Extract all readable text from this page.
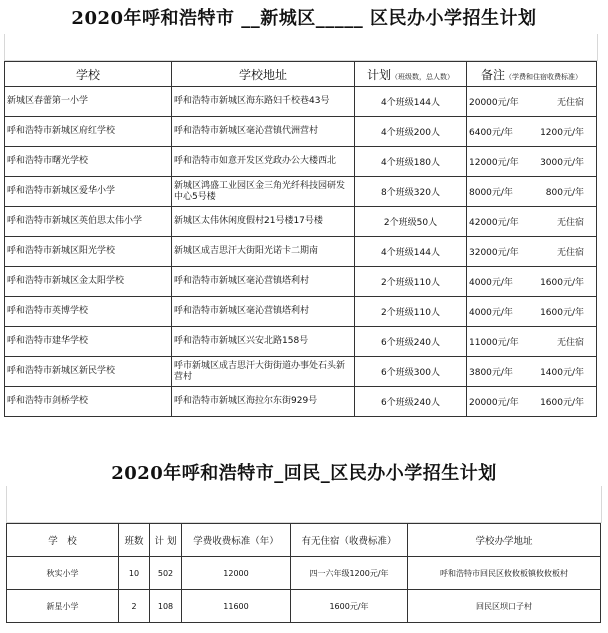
2020年呼和浩特市 __新城区_____ 区民办小学招生计划
学校	学校地址	计划（班级数，总人数）	备注（学费和住宿收费标准）
新城区春蕾第一小学	呼和浩特市新城区海东路妇千校巷43号	4个班级144人	20000元/年 无住宿

呼和浩特市新城区府红学校	呼和浩特市新城区毫沁营镇代洲营村	4个班级200人	6400元/年 1200元/年

呼和浩特市曙光学校	呼和浩特市如意开发区党政办公大楼西北	4个班级180人	12000元/年 3000元/年

呼和浩特市新城区爱华小学	新城区鸿盛工业园区金三角光纤科技园研发中心5号楼	8个班级320人	8000元/年 800元/年

呼和浩特市新城区英伯思太伟小学	新城区太伟休闲度假村21号楼17号楼	2个班级50人	42000元/年 无住宿

呼和浩特市新城区阳光学校	新城区成吉思汗大街阳光诺卡二期南	4个班级144人	32000元/年 无住宿

呼和浩特市新城区金太阳学校	呼和浩特市新城区毫沁营镇塔利村	2个班级110人	4000元/年 1600元/年

呼和浩特市英博学校	呼和浩特市新城区毫沁营镇塔利村	2个班级110人	4000元/年 1600元/年

呼和浩特市建华学校	呼和浩特市新城区兴安北路158号	6个班级240人	11000元/年 无住宿

呼和浩特市新城区新民学校	呼市新城区成吉思汗大街街道办事处石头新营村	6个班级300人	3800元/年 1400元/年

呼和浩特市剑桥学校	呼和浩特市新城区海拉尔东街929号	6个班级240人	20000元/年 1600元/年
2020年呼和浩特市_回民_区民办小学招生计划
学　校	班数	计 划	学费收费标准（年）	有无住宿（收费标准）	学校办学地址
秋实小学	10	502	12000	四一六年级1200元/年	呼和浩特市回民区攸攸板镇攸攸板村
新星小学	2	108	11600	1600元/年	回民区坝口子村
